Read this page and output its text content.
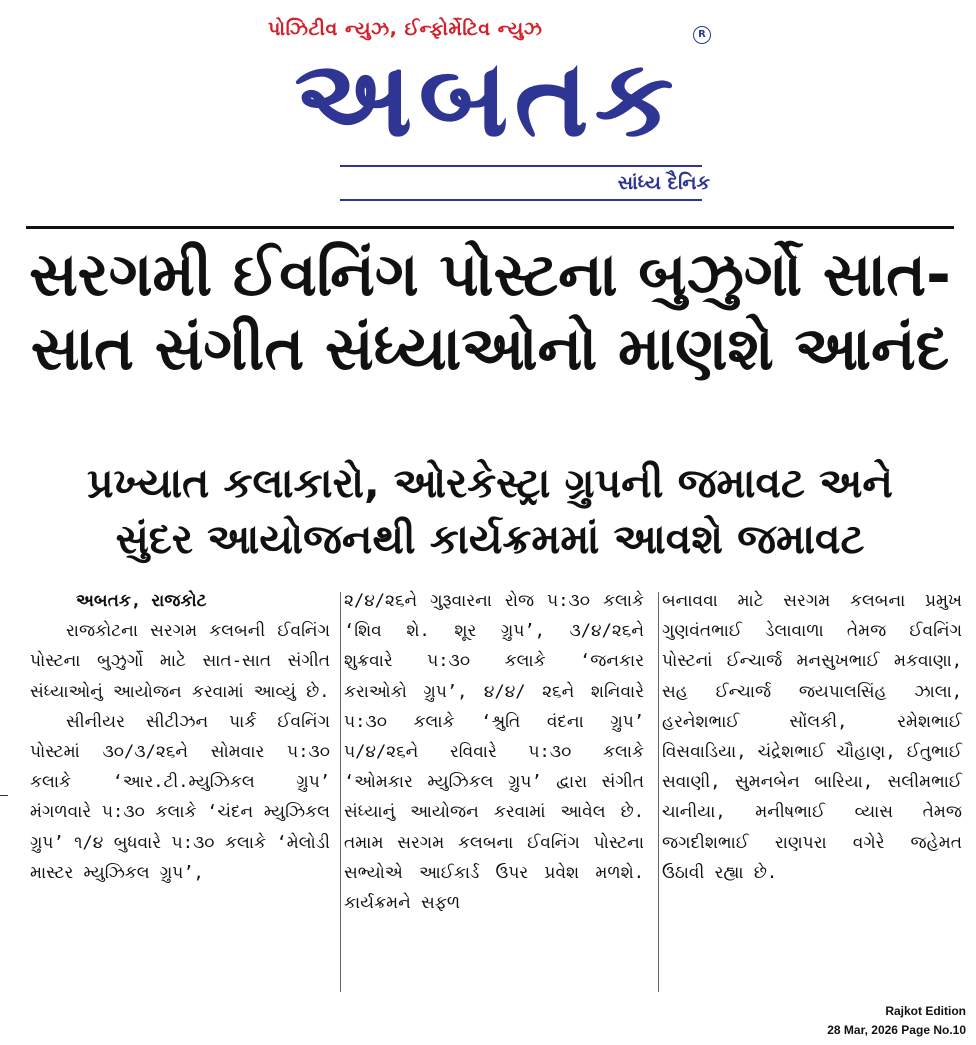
પોઝિટીવ ન્યુઝ, ઈન્ફોર્મેટિવ ન્યુઝ	R
અબતક
સાંધ્ય દૈનિક
સરગમી ઈવનિંગ પોસ્ટના બુઝુર્ગો સાત-
સાત સંગીત સંધ્યાઓનો માણશે આનંદ
પ્રખ્યાત કલાકારો, ઓરકેસ્ટ્રા ગ્રુપની જમાવટ અને
સુંદર આયોજનથી કાર્યક્રમમાં આવશે જમાવટ

અબતક, રાજકોટ

રાજકોટના સરગમ કલબની ઈવનિંગ પોસ્ટના બુઝુર્ગો માટે સાત-સાત સંગીત સંધ્યાઓનું આયોજન કરવામાં આવ્યું છે.

સીનીયર સીટીઝન પાર્ક ઈવનિંગ પોસ્ટમાં ૩૦/૩/૨૬ને સોમવાર ૫:૩૦ કલાકે ‘આર.ટી.મ્યુઝિકલ ગ્રુપ’ મંગળવારે ૫:૩૦ કલાકે ‘ચંદન મ્યુઝિકલ ગ્રુપ’ ૧/૪ બુધવારે ૫:૩૦ કલાકે ‘મેલોડી માસ્ટર મ્યુઝિકલ ગ્રુપ’,

૨/૪/૨૬ને ગુરૂવારના રોજ ૫:૩૦ કલાકે ‘શિવ શે. શૂર ગ્રુપ’, ૩/૪/૨૬ને શુક્રવારે ૫:૩૦ કલાકે ‘જનકાર કરાઓકો ગ્રુપ’, ૪/૪/ ૨૬ને શનિવારે ૫:૩૦ કલાકે ‘શ્રુતિ વંદના ગ્રુપ’ ૫/૪/૨૬ને રવિવારે ૫:૩૦ કલાકે ‘ઓમકાર મ્યુઝિકલ ગ્રુપ’ દ્વારા સંગીત સંધ્યાનું આયોજન કરવામાં આવેલ છે. તમામ સરગમ કલબના ઈવનિંગ પોસ્ટના સભ્યોએ આઈકાર્ડ ઉપર પ્રવેશ મળશે. કાર્યક્રમને સફળ

બનાવવા માટે સરગમ કલબના પ્રમુખ ગુણવંતભાઈ ડેલાવાળા તેમજ ઈવનિંગ પોસ્ટનાં ઈન્ચાર્જ મનસુખભાઈ મકવાણા, સહ ઈન્ચાર્જ જયપાલસિંહ ઝાલા, હરનેશભાઈ સોંલકી, રમેશભાઈ વિસવાડિયા, ચંદ્રેશભાઈ ચૌહાણ, ઈતુભાઈ સવાણી, સુમનબેન બારિયા, સલીમભાઈ ચાનીયા, મનીષભાઈ વ્યાસ તેમજ જગદીશભાઈ રાણપરા વગેરે જહેમત ઉઠાવી રહ્યા છે.

Rajkot Edition
28 Mar, 2026 Page No.10
